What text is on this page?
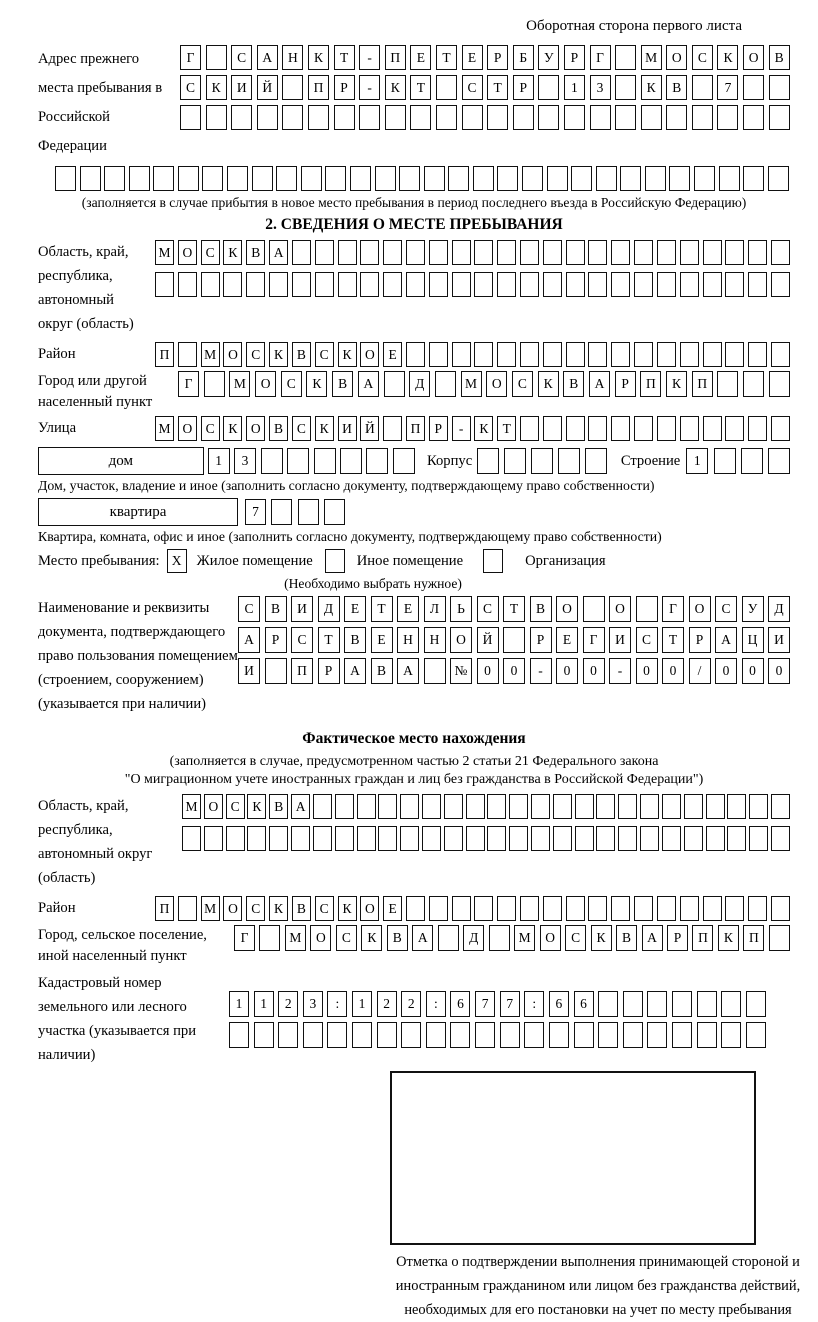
Оборотная сторона первого листа
Адрес прежнего места пребывания в Российской Федерации
Г	С	А	Н	К	Т	-	П	Е	Т	Е	Р	Б	У	Р	Г	М	О	С	К	О	В
С	К	И	Й	П	Р	-	К	Т	С	Т	Р	1	3	К	В	7
(заполняется в случае прибытия в новое место пребывания в период последнего въезда в Российскую Федерацию)
2. СВЕДЕНИЯ О МЕСТЕ ПРЕБЫВАНИЯ
Область, край, республика, автономный округ (область)
М О С	К	В А
Район	П	М О С	К	В	С	К О	Е
Город или другой населенный пункт
Г	М	О	С	К	В	А	Д	М	О	С	К	В	А	Р	П	К	П
Улица	М О С	К О В	С	К И Й	П	Р	-	К	Т
дом	1	3	Корпус	Строение	1
Дом, участок, владение и иное (заполнить согласно документу, подтверждающему право собственности)
квартира	7
Квартира, комната, офис и иное (заполнить согласно документу, подтверждающему право собственности)
Место пребывания: X	Жилое помещение	Иное помещение	Организация
(Необходимо выбрать нужное)
Наименование и реквизиты документа, подтверждающего право пользования помещением (строением, сооружением) (указывается при наличии)
С	В	И	Д	Е	Т	Е	Л	Ь	С	Т	В	О	О	Г	О	С	У	Д
А	Р	С	Т	В	Е	Н	Н	О	Й	Р	Е	Г	И	С	Т	Р	А	Ц	И
И	П	Р	А	В	А	№	0	0	-	0	0	-	0	0	/	0	0	0
Фактическое место нахождения
(заполняется в случае, предусмотренном частью 2 статьи 21 Федерального закона
"О миграционном учете иностранных граждан и лиц без гражданства в Российской Федерации")
Область, край, республика, автономный округ (область)
М О С К В А
Район	П	М О С	К	В	С	К О	Е
Город, сельское поселение, иной населенный пункт
Г	М	О	С	К	В	А	Д	М	О	С	К	В	А	Р	П	К	П
Кадастровый номер земельного или лесного участка (указывается при наличии)
1	1	2	3	:	1	2	2	:	6	7	7	:	6	6
Отметка о подтверждении выполнения принимающей стороной и иностранным гражданином или лицом без гражданства действий, необходимых для его постановки на учет по месту пребывания
